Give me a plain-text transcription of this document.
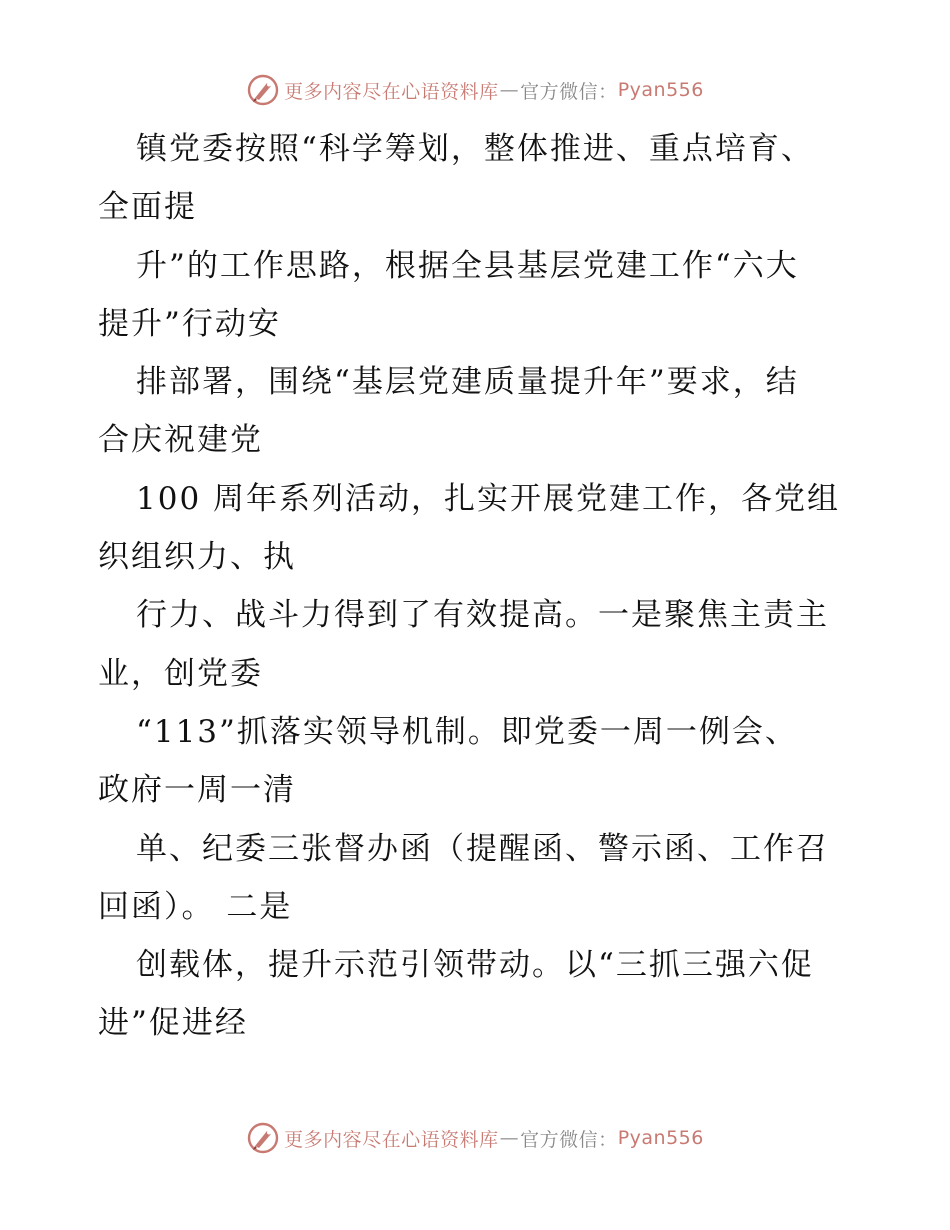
更多内容尽在心语资料库 — 官方微信： Pyan556
镇党委按照“科学筹划，整体推进、重点培育、
全面提
升”的工作思路，根据全县基层党建工作“六大
提升”行动安
排部署，围绕“基层党建质量提升年”要求，结
合庆祝建党
100 周年系列活动，扎实开展党建工作，各党组
织组织力、执
行力、战斗力得到了有效提高。一是聚焦主责主
业，创党委
“113”抓落实领导机制。即党委一周一例会、
政府一周一清
单、纪委三张督办函（提醒函、警示函、工作召
回函）。 二是
创载体，提升示范引领带动。以“三抓三强六促
进”促进经
更多内容尽在心语资料库 — 官方微信： Pyan556
